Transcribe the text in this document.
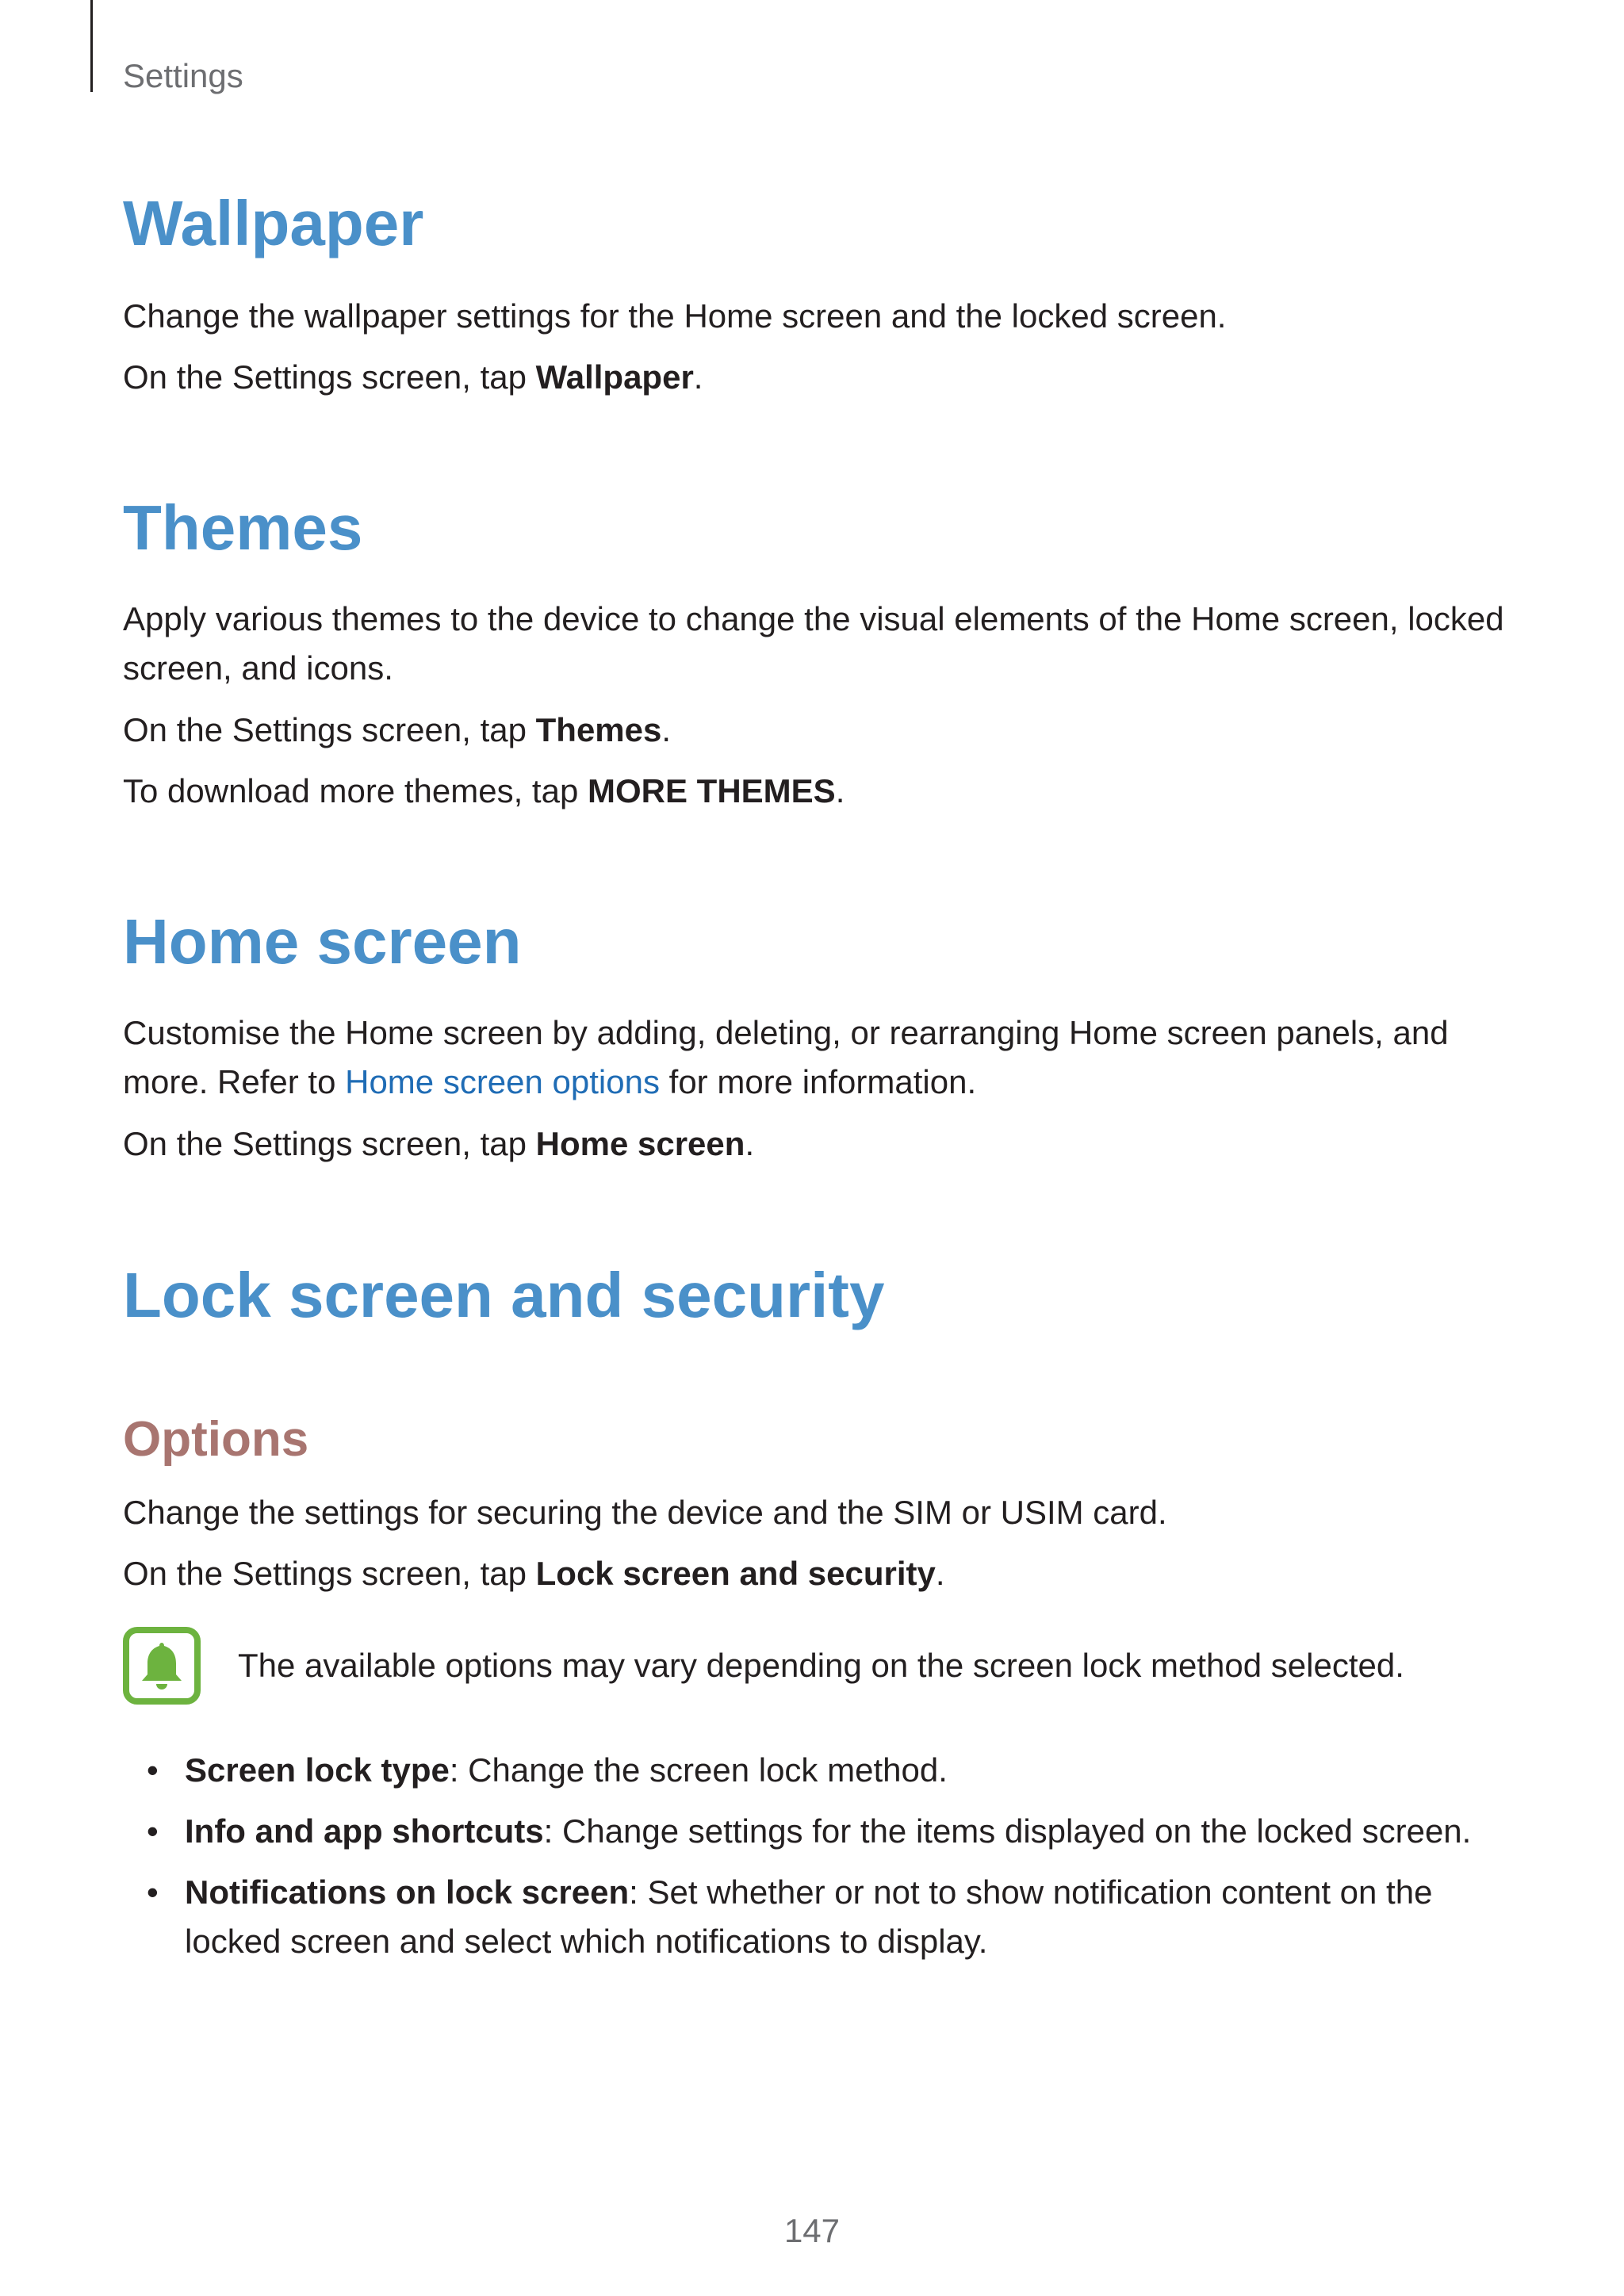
Settings
Wallpaper
Change the wallpaper settings for the Home screen and the locked screen.
On the Settings screen, tap Wallpaper.
Themes
Apply various themes to the device to change the visual elements of the Home screen, locked screen, and icons.
On the Settings screen, tap Themes.
To download more themes, tap MORE THEMES.
Home screen
Customise the Home screen by adding, deleting, or rearranging Home screen panels, and more. Refer to Home screen options for more information.
On the Settings screen, tap Home screen.
Lock screen and security
Options
Change the settings for securing the device and the SIM or USIM card.
On the Settings screen, tap Lock screen and security.
The available options may vary depending on the screen lock method selected.
• Screen lock type: Change the screen lock method.
• Info and app shortcuts: Change settings for the items displayed on the locked screen.
• Notifications on lock screen: Set whether or not to show notification content on the locked screen and select which notifications to display.
147
